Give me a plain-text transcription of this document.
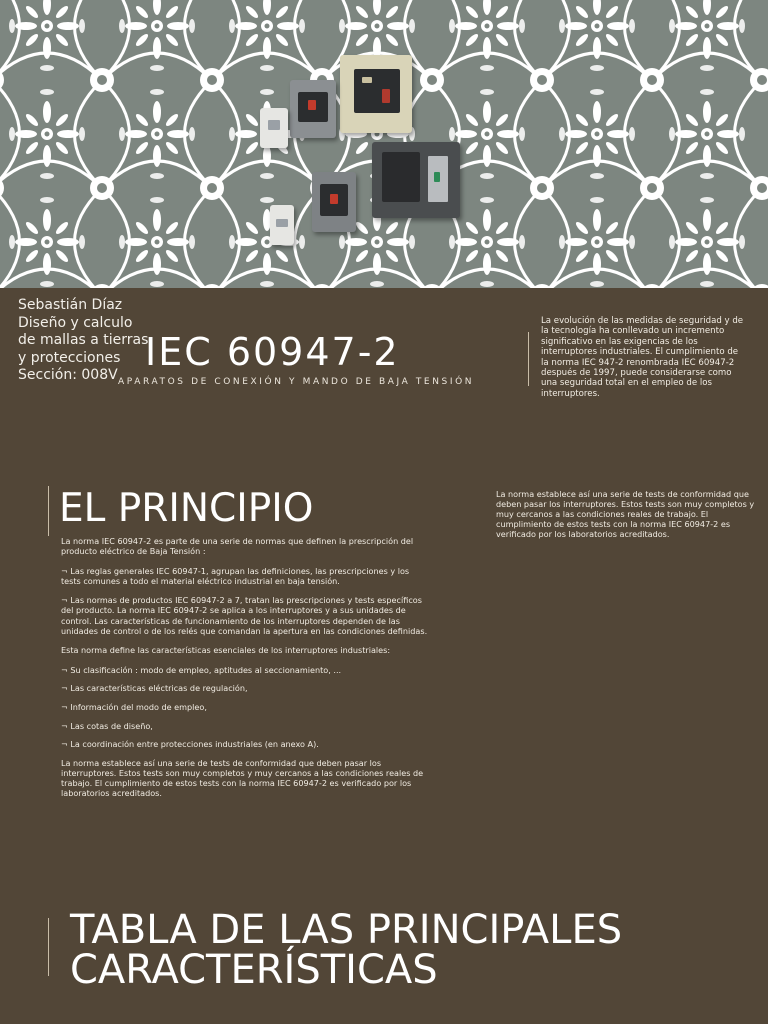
Sebastián Díaz
Diseño y calculo
de mallas a tierras
y protecciones
Sección: 008V
IEC 60947-2
APARATOS DE CONEXIÓN Y MANDO DE BAJA TENSIÓN
La evolución de las medidas de seguridad y de la tecnología ha conllevado un incremento significativo en las exigencias de los interruptores industriales. El cumplimiento de la norma IEC 947-2 renombrada IEC 60947-2 después de 1997, puede considerarse como una seguridad total en el empleo de los interruptores.
EL PRINCIPIO	La norma establece así una serie de tests de conformidad que deben pasar los interruptores. Estos tests son muy completos y muy cercanos a las condiciones reales de trabajo. El cumplimiento de estos tests con la norma IEC 60947-2 es verificado por los laboratorios acreditados.

La norma IEC 60947-2 es parte de una serie de normas que definen la prescripción del producto eléctrico de Baja Tensión :

¬ Las reglas generales IEC 60947-1, agrupan las definiciones, las prescripciones y los tests comunes a todo el material eléctrico industrial en baja tensión.

¬ Las normas de productos IEC 60947-2 a 7, tratan las prescripciones y tests específicos del producto. La norma IEC 60947-2 se aplica a los interruptores y a sus unidades de control. Las características de funcionamiento de los interruptores dependen de las unidades de control o de los relés que comandan la apertura en las condiciones definidas.

Esta norma define las características esenciales de los interruptores industriales:

¬ Su clasificación : modo de empleo, aptitudes al seccionamiento, ...

¬ Las características eléctricas de regulación,

¬ Información del modo de empleo,

¬ Las cotas de diseño,

¬ La coordinación entre protecciones industriales (en anexo A).

La norma establece así una serie de tests de conformidad que deben pasar los interruptores. Estos tests son muy completos y muy cercanos a las condiciones reales de trabajo. El cumplimiento de estos tests con la norma IEC 60947-2 es verificado por los laboratorios acreditados.

TABLA DE LAS PRINCIPALES
CARACTERÍSTICAS
